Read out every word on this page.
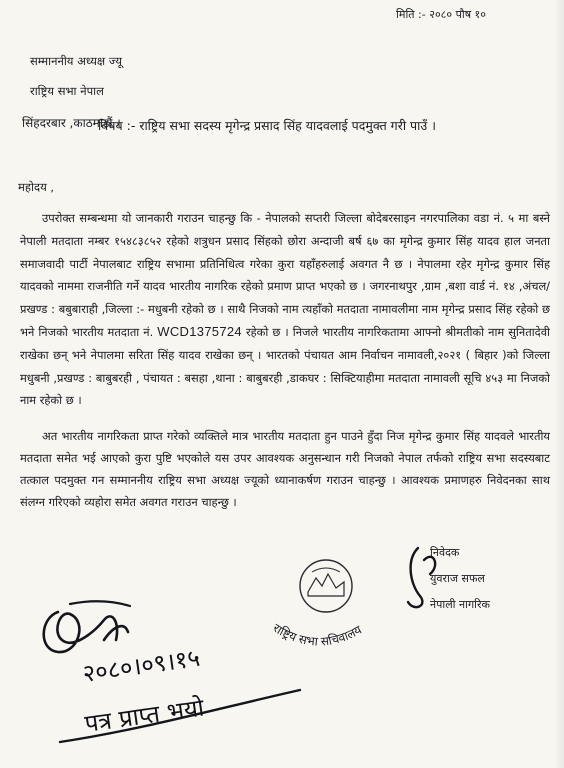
मिति :- २०८० पौष १०
सम्माननीय अध्यक्ष ज्यू
राष्ट्रिय सभा नेपाल
सिंहदरबार ,काठमाडौं ।
विषय :- राष्ट्रिय सभा सदस्य मृगेन्द्र प्रसाद सिंह यादवलाई पदमुक्त गरी पाउँ ।
महोदय ,

उपरोक्त सम्बन्धमा यो जानकारी गराउन चाहन्छु कि - नेपालको सप्तरी जिल्ला बोदेबरसाइन नगरपालिका वडा नं. ५ मा बस्ने नेपाली मतदाता नम्बर १५४८३८५२ रहेको शत्रुधन प्रसाद सिंहको छोरा अन्दाजी बर्ष ६७ का मृगेन्द्र कुमार सिंह यादव हाल जनता समाजवादी पार्टी नेपालबाट राष्ट्रिय सभामा प्रतिनिधित्व गरेका कुरा यहाँहरुलाई अवगत नै छ । नेपालमा रहेर मृगेन्द्र कुमार सिंह यादवको नाममा राजनीति गर्ने यादव भारतीय नागरिक रहेको प्रमाण प्राप्त भएको छ । जगरनाथपुर ,ग्राम ,बशा वार्ड नं. १४ ,अंचल/प्रखण्ड : बबुबाराही ,जिल्ला :- मधुबनी रहेको छ । साथै निजको नाम त्यहाँको मतदाता नामावलीमा नाम मृगेन्द्र प्रसाद सिंह रहेको छ भने निजको भारतीय मतदाता नं. WCD1375724 रहेको छ । निजले भारतीय नागरिकतामा आफ्नो श्रीमतीको नाम सुनितादेवी राखेका छन् भने नेपालमा सरिता सिंह यादव राखेका छन् । भारतको पंचायत आम निर्वाचन नामावली,२०२१ ( बिहार )को जिल्ला मधुबनी ,प्रखण्ड : बाबुबरही , पंचायत : बसहा ,थाना : बाबुबरही ,डाकघर : सिक्टियाहीमा मतदाता नामावली सूचि ४५३ मा निजको नाम रहेको छ ।

अत भारतीय नागरिकता प्राप्त गरेको व्यक्तिले मात्र भारतीय मतदाता हुन पाउने हुँदा निज मृगेन्द्र कुमार सिंह यादवले भारतीय मतदाता समेत भई आएको कुरा पुष्टि भएकोले यस उपर आवश्यक अनुसन्धान गरी निजको नेपाल तर्फको राष्ट्रिय सभा सदस्यबाट तत्काल पदमुक्त गन सम्माननीय राष्ट्रिय सभा अध्यक्ष ज्यूको ध्यानाकर्षण गराउन चाहन्छु । आवश्यक प्रमाणहरु निवेदनका साथ संलग्न गरिएको व्यहोरा समेत अवगत गराउन चाहन्छु ।

निवेदक
युवराज सफल
नेपाली नागरिक
राष्ट्रिय सभा सचिवालय
२०८०।०९।१५
पत्र प्राप्त भयो
